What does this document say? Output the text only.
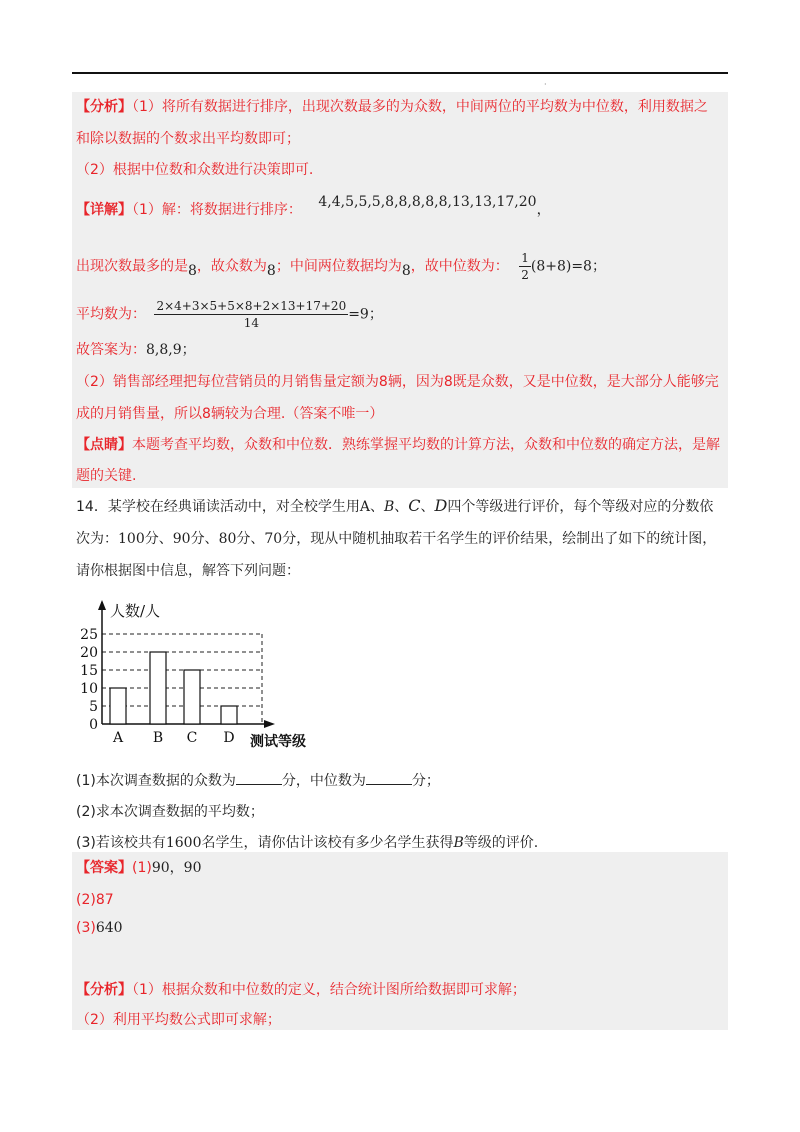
·
【分析】（1）将所有数据进行排序，出现次数最多的为众数，中间两位的平均数为中位数，利用数据之
和除以数据的个数求出平均数即可；
（2）根据中位数和众数进行决策即可.
【详解】（1）解：将数据进行排序： 4,4,5,5,5,8,8,8,8,8,13,13,17,20，
出现次数最多的是8，故众数为8；中间两位数据均为8，故中位数为： $\frac{1}{2} (8+8)=8$；
平均数为： $\frac{2\times 4+3\times 5+5\times 8+2\times 13+17+20}{14} =9$；
故答案为：8,8,9；
（2）销售部经理把每位营销员的月销售量定额为8辆，因为8既是众数，又是中位数，是大部分人能够完
成的月销售量，所以8辆较为合理.（答案不唯一）
【点睛】本题考查平均数，众数和中位数．熟练掌握平均数的计算方法，众数和中位数的确定方法，是解
题的关键.
14．某学校在经典诵读活动中，对全校学生用A、B、C、D四个等级进行评价，每个等级对应的分数依
次为：100分、90分、80分、70分，现从中随机抽取若干名学生的评价结果，绘制出了如下的统计图，
请你根据图中信息，解答下列问题：
0
5
10
15
20
25
人数/人
A B C D 测试等级
(1)本次调查数据的众数为	分，中位数为	分；
(2)求本次调查数据的平均数；
(3)若该校共有1600名学生，请你估计该校有多少名学生获得B等级的评价.
【答案】(1)90，90
(2)87
(3)640
【分析】（1）根据众数和中位数的定义，结合统计图所给数据即可求解；
（2）利用平均数公式即可求解；
